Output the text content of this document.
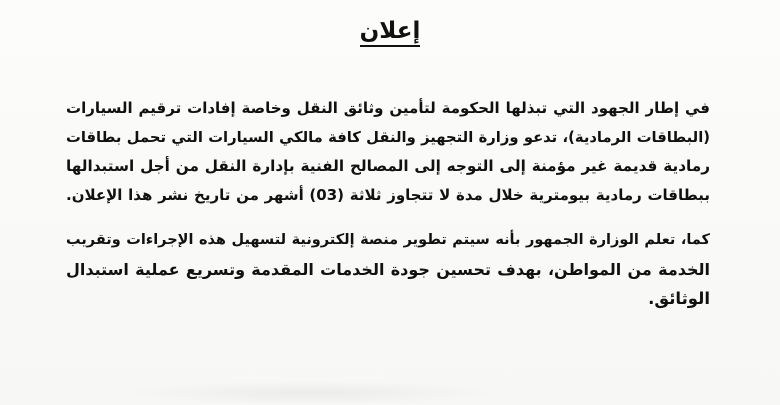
إعلان
في إطار الجهود التي تبذلها الحكومة لتأمين وثائق النقل وخاصة إفادات ترقيم السيارات
(البطاقات الرمادية)، تدعو وزارة التجهيز والنقل كافة مالكي السيارات التي تحمل بطاقات
رمادية قديمة غير مؤمنة إلى التوجه إلى المصالح الفنية بإدارة النقل من أجل استبدالها
ببطاقات رمادية بيومترية خلال مدة لا تتجاوز ثلاثة (03) أشهر من تاريخ نشر هذا الإعلان.
كما، تعلم الوزارة الجمهور بأنه سيتم تطوير منصة إلكترونية لتسهيل هذه الإجراءات وتقريب
الخدمة من المواطن، بهدف تحسين جودة الخدمات المقدمة وتسريع عملية استبدال
الوثائق.
